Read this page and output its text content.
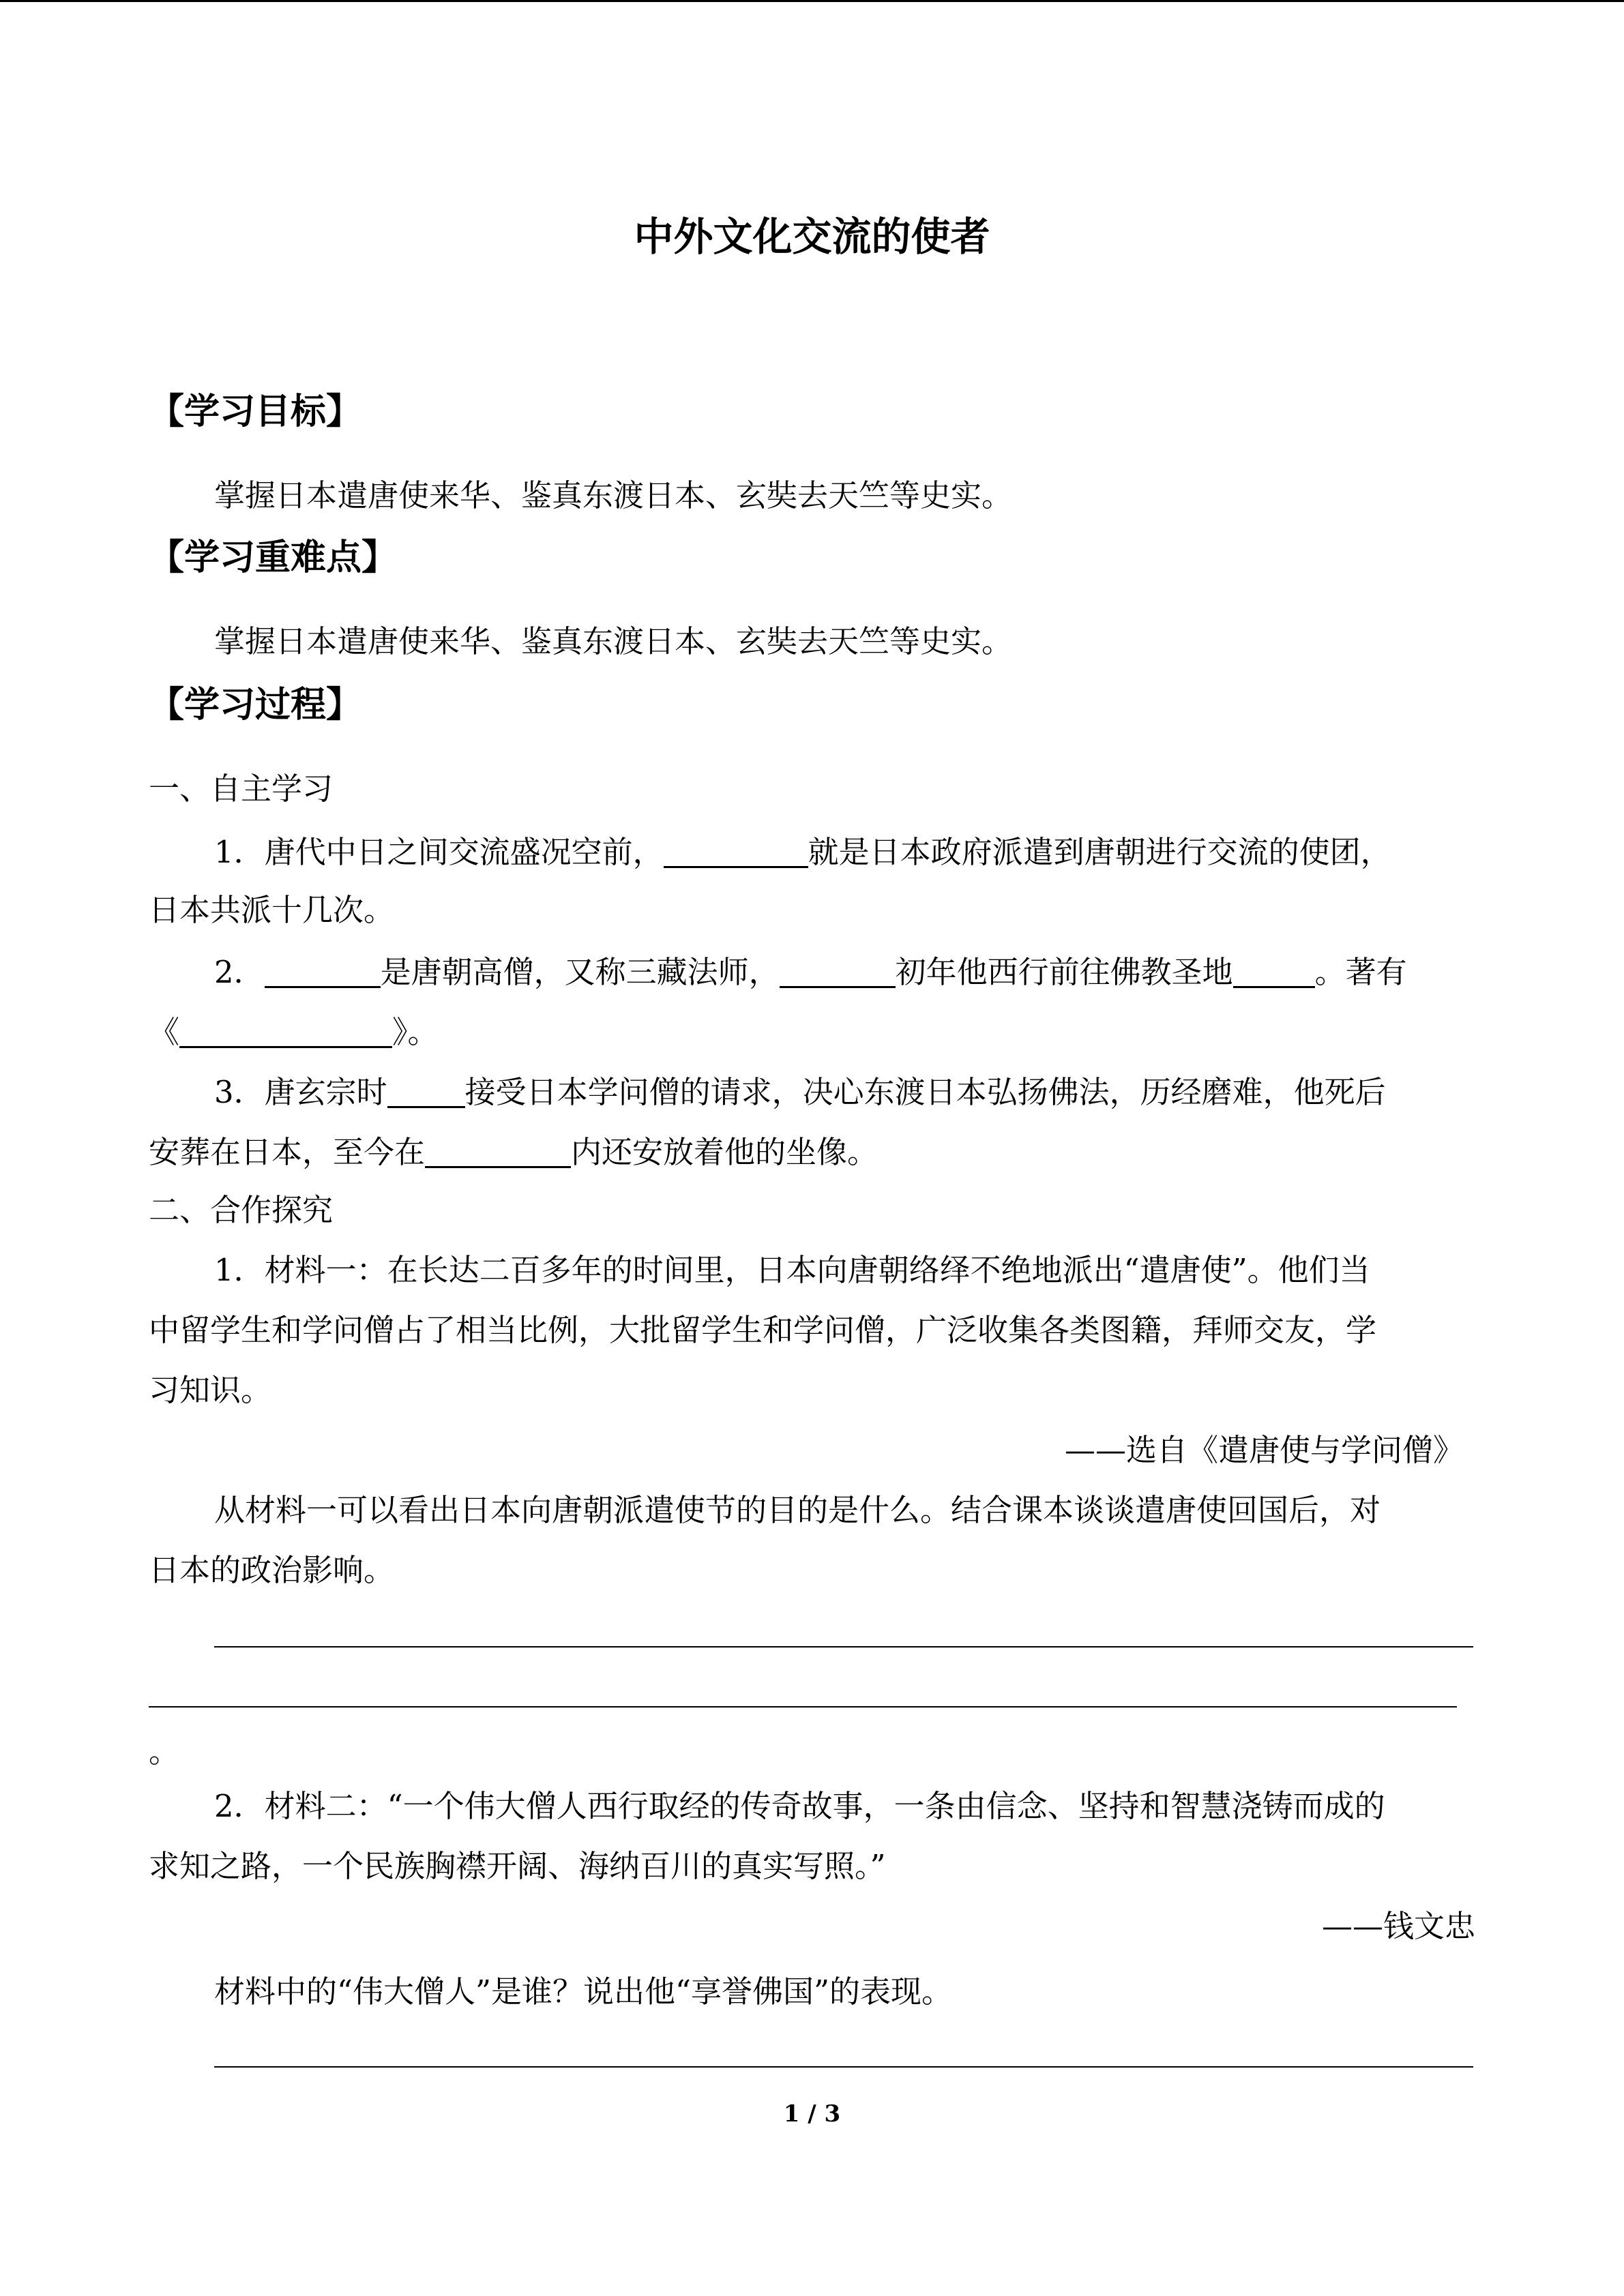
中外文化交流的使者
【学习目标】
掌握日本遣唐使来华、鉴真东渡日本、玄奘去天竺等史实。
【学习重难点】
掌握日本遣唐使来华、鉴真东渡日本、玄奘去天竺等史实。
【学习过程】
一、自主学习
1．唐代中日之间交流盛况空前，	就是日本政府派遣到唐朝进行交流的使团，
日本共派十几次。
2．	是唐朝高僧，又称三藏法师，	初年他西行前往佛教圣地	。著有
《	》。
3．唐玄宗时	接受日本学问僧的请求，决心东渡日本弘扬佛法，历经磨难，他死后
安葬在日本，至今在	内还安放着他的坐像。
二、合作探究
1．材料一：在长达二百多年的时间里，日本向唐朝络绎不绝地派出“遣唐使”。他们当
中留学生和学问僧占了相当比例，大批留学生和学问僧，广泛收集各类图籍，拜师交友，学
习知识。
——选自《遣唐使与学问僧》
从材料一可以看出日本向唐朝派遣使节的目的是什么。结合课本谈谈遣唐使回国后，对
日本的政治影响。
。
2．材料二：“一个伟大僧人西行取经的传奇故事，一条由信念、坚持和智慧浇铸而成的
求知之路，一个民族胸襟开阔、海纳百川的真实写照。”
——钱文忠
材料中的“伟大僧人”是谁？说出他“享誉佛国”的表现。
1 / 3
